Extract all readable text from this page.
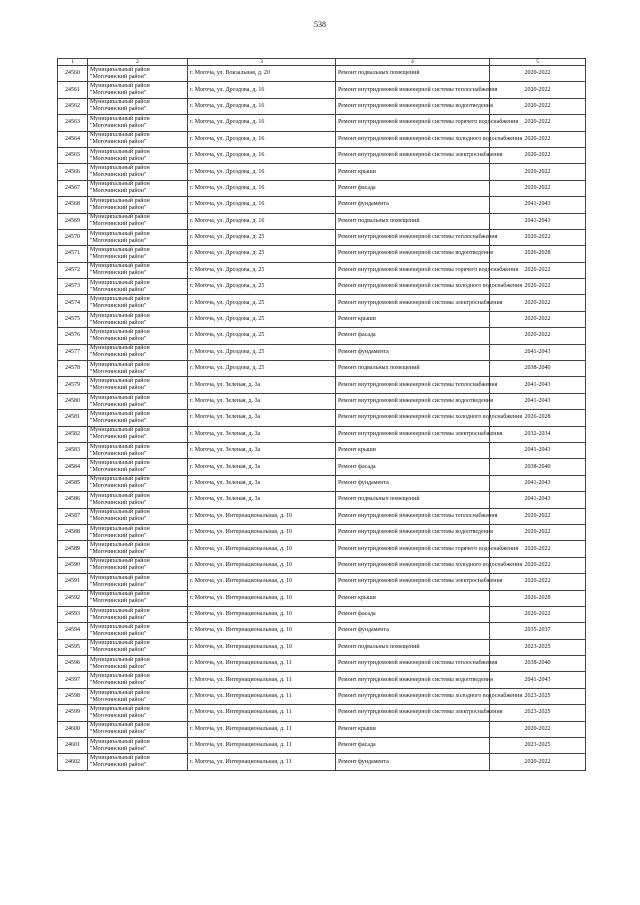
538
1	2	3	4	5
24560	Муниципальный район
"Могочинский район"	г. Могоча, ул. Вокзальная, д. 20	Ремонт подвальных помещений	2020-2022
24561	Муниципальный район
"Могочинский район"	г. Могоча, ул. Дроздова, д. 16	Ремонт внутридомовой инженерной системы теплоснабжения	2020-2022
24562	Муниципальный район
"Могочинский район"	г. Могоча, ул. Дроздова, д. 16	Ремонт внутридомовой инженерной системы водоотведения	2020-2022
24563	Муниципальный район
"Могочинский район"	г. Могоча, ул. Дроздова, д. 16	Ремонт внутридомовой инженерной системы горячего водоснабжения	2020-2022
24564	Муниципальный район
"Могочинский район"	г. Могоча, ул. Дроздова, д. 16	Ремонт внутридомовой инженерной системы холодного водоснабжения	2020-2022
24565	Муниципальный район
"Могочинский район"	г. Могоча, ул. Дроздова, д. 16	Ремонт внутридомовой инженерной системы электроснабжения	2020-2022
24566	Муниципальный район
"Могочинский район"	г. Могоча, ул. Дроздова, д. 16	Ремонт крыши	2020-2022
24567	Муниципальный район
"Могочинский район"	г. Могоча, ул. Дроздова, д. 16	Ремонт фасада	2020-2022
24568	Муниципальный район
"Могочинский район"	г. Могоча, ул. Дроздова, д. 16	Ремонт фундамента	2041-2043
24569	Муниципальный район
"Могочинский район"	г. Могоча, ул. Дроздова, д. 16	Ремонт подвальных помещений	2041-2043
24570	Муниципальный район
"Могочинский район"	г. Могоча, ул. Дроздова, д. 25	Ремонт внутридомовой инженерной системы теплоснабжения	2020-2022
24571	Муниципальный район
"Могочинский район"	г. Могоча, ул. Дроздова, д. 25	Ремонт внутридомовой инженерной системы водоотведения	2026-2028
24572	Муниципальный район
"Могочинский район"	г. Могоча, ул. Дроздова, д. 25	Ремонт внутридомовой инженерной системы горячего водоснабжения	2020-2022
24573	Муниципальный район
"Могочинский район"	г. Могоча, ул. Дроздова, д. 25	Ремонт внутридомовой инженерной системы холодного водоснабжения	2020-2022
24574	Муниципальный район
"Могочинский район"	г. Могоча, ул. Дроздова, д. 25	Ремонт внутридомовой инженерной системы электроснабжения	2020-2022
24575	Муниципальный район
"Могочинский район"	г. Могоча, ул. Дроздова, д. 25	Ремонт крыши	2020-2022
24576	Муниципальный район
"Могочинский район"	г. Могоча, ул. Дроздова, д. 25	Ремонт фасада	2020-2022
24577	Муниципальный район
"Могочинский район"	г. Могоча, ул. Дроздова, д. 25	Ремонт фундамента	2041-2043
24578	Муниципальный район
"Могочинский район"	г. Могоча, ул. Дроздова, д. 25	Ремонт подвальных помещений	2038-2040
24579	Муниципальный район
"Могочинский район"	г. Могоча, ул. Зеленая, д. 3а	Ремонт внутридомовой инженерной системы теплоснабжения	2041-2043
24580	Муниципальный район
"Могочинский район"	г. Могоча, ул. Зеленая, д. 3а	Ремонт внутридомовой инженерной системы водоотведения	2041-2043
24581	Муниципальный район
"Могочинский район"	г. Могоча, ул. Зеленая, д. 3а	Ремонт внутридомовой инженерной системы холодного водоснабжения	2026-2028
24582	Муниципальный район
"Могочинский район"	г. Могоча, ул. Зеленая, д. 3а	Ремонт внутридомовой инженерной системы электроснабжения	2032-2034
24583	Муниципальный район
"Могочинский район"	г. Могоча, ул. Зеленая, д. 3а	Ремонт крыши	2041-2043
24584	Муниципальный район
"Могочинский район"	г. Могоча, ул. Зеленая, д. 3а	Ремонт фасада	2038-2040
24585	Муниципальный район
"Могочинский район"	г. Могоча, ул. Зеленая, д. 3а	Ремонт фундамента	2041-2043
24586	Муниципальный район
"Могочинский район"	г. Могоча, ул. Зеленая, д. 3а	Ремонт подвальных помещений	2041-2043
24587	Муниципальный район
"Могочинский район"	г. Могоча, ул. Интернациональная, д. 10	Ремонт внутридомовой инженерной системы теплоснабжения	2020-2022
24588	Муниципальный район
"Могочинский район"	г. Могоча, ул. Интернациональная, д. 10	Ремонт внутридомовой инженерной системы водоотведения	2020-2022
24589	Муниципальный район
"Могочинский район"	г. Могоча, ул. Интернациональная, д. 10	Ремонт внутридомовой инженерной системы горячего водоснабжения	2020-2022
24590	Муниципальный район
"Могочинский район"	г. Могоча, ул. Интернациональная, д. 10	Ремонт внутридомовой инженерной системы холодного водоснабжения	2020-2022
24591	Муниципальный район
"Могочинский район"	г. Могоча, ул. Интернациональная, д. 10	Ремонт внутридомовой инженерной системы электроснабжения	2020-2022
24592	Муниципальный район
"Могочинский район"	г. Могоча, ул. Интернациональная, д. 10	Ремонт крыши	2026-2028
24593	Муниципальный район
"Могочинский район"	г. Могоча, ул. Интернациональная, д. 10	Ремонт фасада	2020-2022
24594	Муниципальный район
"Могочинский район"	г. Могоча, ул. Интернациональная, д. 10	Ремонт фундамента	2035-2037
24595	Муниципальный район
"Могочинский район"	г. Могоча, ул. Интернациональная, д. 10	Ремонт подвальных помещений	2023-2025
24596	Муниципальный район
"Могочинский район"	г. Могоча, ул. Интернациональная, д. 11	Ремонт внутридомовой инженерной системы теплоснабжения	2038-2040
24597	Муниципальный район
"Могочинский район"	г. Могоча, ул. Интернациональная, д. 11	Ремонт внутридомовой инженерной системы водоотведения	2041-2043
24598	Муниципальный район
"Могочинский район"	г. Могоча, ул. Интернациональная, д. 11	Ремонт внутридомовой инженерной системы холодного водоснабжения	2023-2025
24599	Муниципальный район
"Могочинский район"	г. Могоча, ул. Интернациональная, д. 11	Ремонт внутридомовой инженерной системы электроснабжения	2023-2025
24600	Муниципальный район
"Могочинский район"	г. Могоча, ул. Интернациональная, д. 11	Ремонт крыши	2020-2022
24601	Муниципальный район
"Могочинский район"	г. Могоча, ул. Интернациональная, д. 11	Ремонт фасада	2023-2025
24602	Муниципальный район
"Могочинский район"	г. Могоча, ул. Интернациональная, д. 11	Ремонт фундамента	2020-2022
